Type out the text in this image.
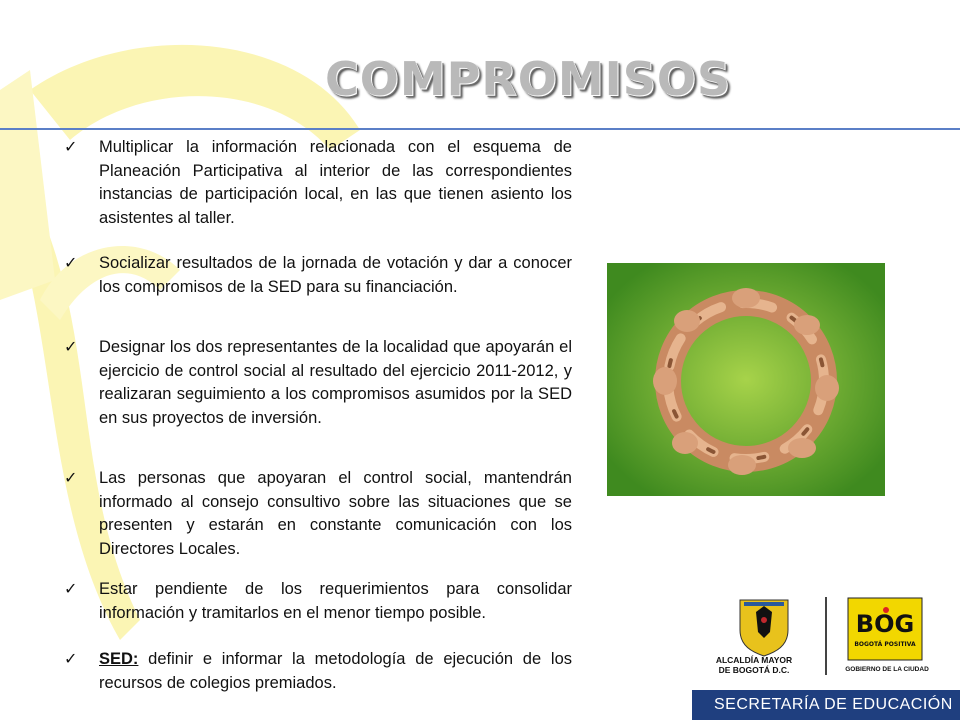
COMPROMISOS
✓	Multiplicar la información relacionada con el esquema de Planeación Participativa al interior de las correspondientes instancias de participación local, en las que tienen asiento los asistentes al taller.
✓	Socializar resultados de la jornada de votación y dar a conocer los compromisos de la SED para su financiación.
✓	Designar los dos representantes de la localidad que apoyarán el ejercicio de control social al resultado del ejercicio 2011-2012, y realizaran seguimiento a los compromisos asumidos por la SED en sus proyectos de inversión.
✓	Las personas que apoyaran el control social, mantendrán informado al consejo consultivo sobre las situaciones que se presenten y estarán en constante comunicación con los Directores Locales.
✓	Estar pendiente de los requerimientos para consolidar información y tramitarlos en el menor tiempo posible.
✓	SED: definir e informar la metodología de ejecución de los recursos de colegios premiados.
BOG
BOGOTÁ POSITIVA
ALCALDÍA MAYOR
DE BOGOTÁ D.C.	GOBIERNO DE LA CIUDAD
SECRETARÍA DE EDUCACIÓN
